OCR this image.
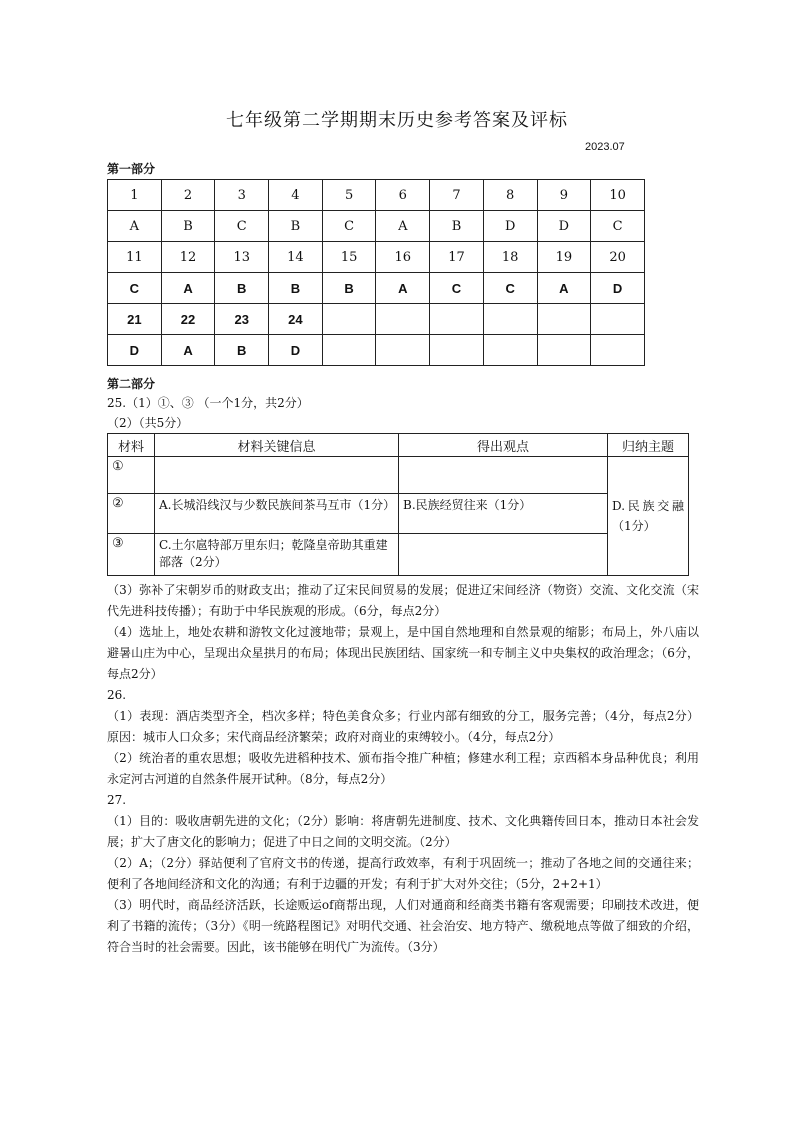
七年级第二学期期末历史参考答案及评标
2023.07
第一部分
1	2	3	4	5	6	7	8	9	10
A	B	C	B	C	A	B	D	D	C
11	12	13	14	15	16	17	18	19	20
C	A	B	B	B	A	C	C	A	D
21	22	23	24						
D	A	B	D						
第二部分
25.（1）①、③ （一个1分，共2分）
（2）（共5分）
材料	材料关键信息	得出观点	归纳主题
①			D.民族交融（1分）
②	A.长城沿线汉与少数民族间茶马互市（1分）	B.民族经贸往来（1分）	
③	C.土尔扈特部万里东归；乾隆皇帝助其重建部落（2分）		

（3）弥补了宋朝岁币的财政支出；推动了辽宋民间贸易的发展；促进辽宋间经济（物资）交流、文化交流（宋代先进科技传播）；有助于中华民族观的形成。（6分，每点2分）

（4）选址上，地处农耕和游牧文化过渡地带；景观上，是中国自然地理和自然景观的缩影；布局上，外八庙以避暑山庄为中心，呈现出众星拱月的布局；体现出民族团结、国家统一和专制主义中央集权的政治理念；（6分，每点2分）

26.

（1）表现：酒店类型齐全，档次多样；特色美食众多；行业内部有细致的分工，服务完善；（4分，每点2分）原因：城市人口众多；宋代商品经济繁荣；政府对商业的束缚较小。（4分，每点2分）

（2）统治者的重农思想；吸收先进稻种技术、颁布指令推广种植；修建水利工程；京西稻本身品种优良；利用永定河古河道的自然条件展开试种。（8分，每点2分）

27.

（1）目的：吸收唐朝先进的文化；（2分）影响：将唐朝先进制度、技术、文化典籍传回日本，推动日本社会发展；扩大了唐文化的影响力；促进了中日之间的文明交流。（2分）

（2）A；（2分）驿站便利了官府文书的传递，提高行政效率，有利于巩固统一；推动了各地之间的交通往来；便利了各地间经济和文化的沟通；有利于边疆的开发；有利于扩大对外交往；（5分，2+2+1）

（3）明代时，商品经济活跃，长途贩运of商帮出现，人们对通商和经商类书籍有客观需要；印刷技术改进，便利了书籍的流传；（3分）《明一统路程图记》对明代交通、社会治安、地方特产、缴税地点等做了细致的介绍，符合当时的社会需要。因此，该书能够在明代广为流传。（3分）
